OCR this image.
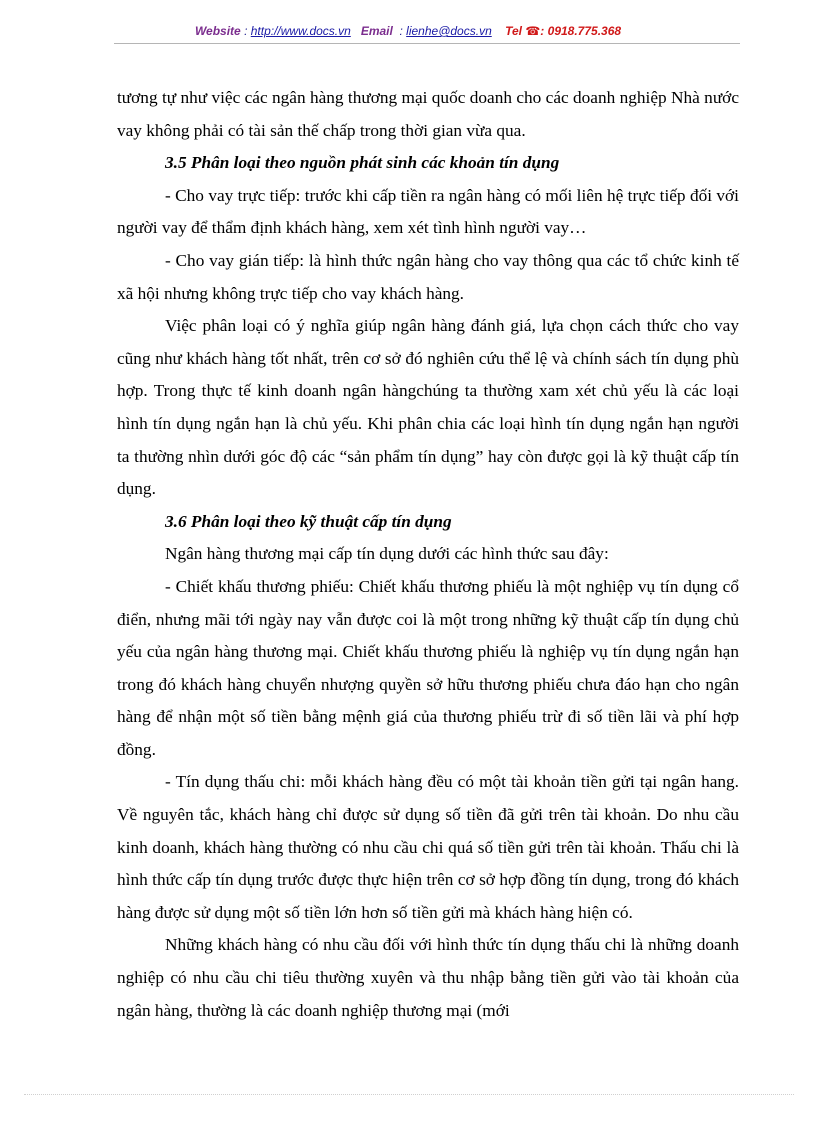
Website : http://www.docs.vn Email  : lienhe@docs.vn Tel ☎: 0918.775.368

tương tự như việc các ngân hàng thương mại quốc doanh cho các doanh nghiệp Nhà nước vay không phải có tài sản thế chấp trong thời gian vừa qua.

3.5 Phân loại theo nguồn phát sinh các khoản tín dụng

- Cho vay trực tiếp: trước khi cấp tiền ra ngân hàng có mối liên hệ trực tiếp đối với người vay để thẩm định khách hàng, xem xét tình hình người vay…

- Cho vay gián tiếp: là hình thức ngân hàng cho vay thông qua các tổ chức kinh tế xã hội nhưng không trực tiếp cho vay khách hàng.

Việc phân loại có ý nghĩa giúp ngân hàng đánh giá, lựa chọn cách thức cho vay cũng như khách hàng tốt nhất, trên cơ sở đó nghiên cứu thể lệ và chính sách tín dụng phù hợp. Trong thực tế kinh doanh ngân hàngchúng ta thường xam xét chủ yếu là các loại hình tín dụng ngắn hạn là chủ yếu. Khi phân chia các loại hình tín dụng ngắn hạn người ta thường nhìn dưới góc độ các “sản phẩm tín dụng” hay còn được gọi là kỹ thuật cấp tín dụng.

3.6 Phân loại theo kỹ thuật cấp tín dụng

Ngân hàng thương mại cấp tín dụng dưới các hình thức sau đây:

- Chiết khấu thương phiếu: Chiết khấu thương phiếu là một nghiệp vụ tín dụng cổ điển, nhưng mãi tới ngày nay vẫn được coi là một trong những kỹ thuật cấp tín dụng chủ yếu của ngân hàng thương mại. Chiết khấu thương phiếu là nghiệp vụ tín dụng ngắn hạn trong đó khách hàng chuyển nhượng quyền sở hữu thương phiếu chưa đáo hạn cho ngân hàng để nhận một số tiền bằng mệnh giá của thương phiếu trừ đi số tiền lãi và phí hợp đồng.

- Tín dụng thấu chi: mỗi khách hàng đều có một tài khoản tiền gửi tại ngân hang. Về nguyên tắc, khách hàng chỉ được sử dụng số tiền đã gửi trên tài khoản. Do nhu cầu kinh doanh, khách hàng thường có nhu cầu chi quá số tiền gửi trên tài khoản. Thấu chi là hình thức cấp tín dụng trước được thực hiện trên cơ sở hợp đồng tín dụng, trong đó khách hàng được sử dụng một số tiền lớn hơn số tiền gửi mà khách hàng hiện có.

Những khách hàng có nhu cầu đối với hình thức tín dụng thấu chi là những doanh nghiệp có nhu cầu chi tiêu thường xuyên và thu nhập bằng tiền gửi vào tài khoản của ngân hàng, thường là các doanh nghiệp thương mại (mới
